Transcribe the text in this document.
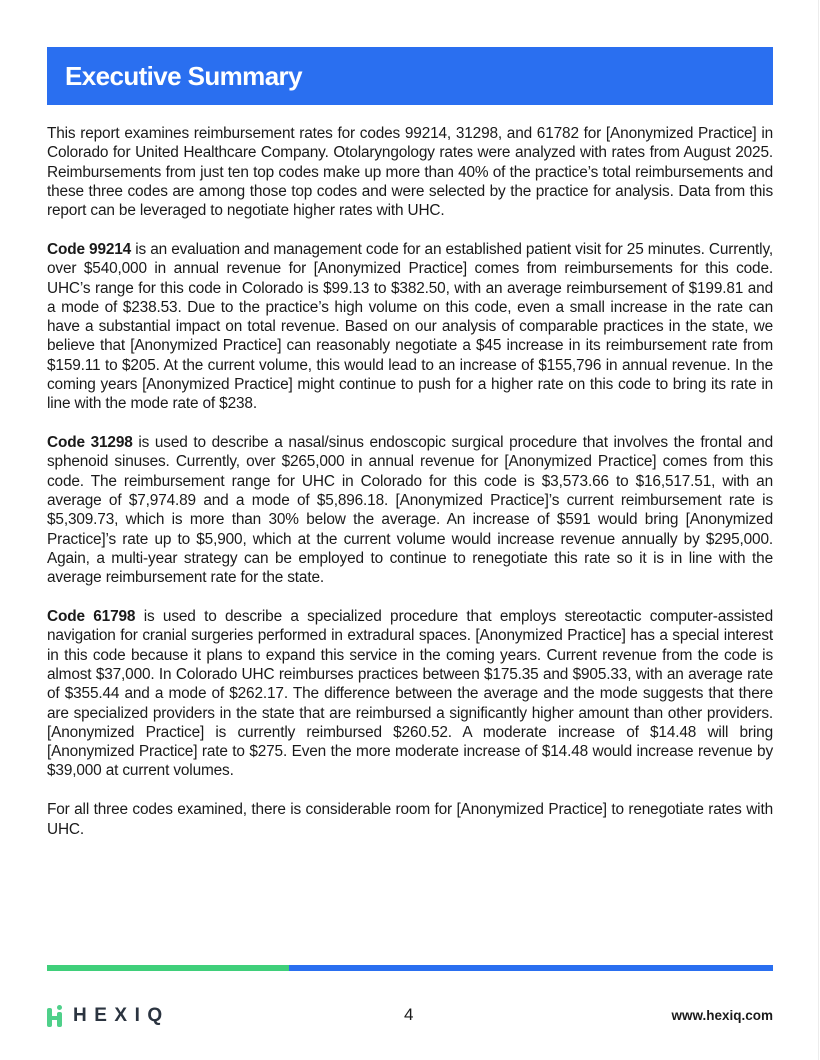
Executive Summary

This report examines reimbursement rates for codes 99214, 31298, and 61782 for [Anonymized Practice] in Colorado for United Healthcare Company. Otolaryngology rates were analyzed with rates from August 2025. Reimbursements from just ten top codes make up more than 40% of the practice’s total reimbursements and these three codes are among those top codes and were selected by the practice for analysis. Data from this report can be leveraged to negotiate higher rates with UHC.

Code 99214 is an evaluation and management code for an established patient visit for 25 minutes. Currently, over $540,000 in annual revenue for [Anonymized Practice] comes from reimbursements for this code. UHC’s range for this code in Colorado is $99.13 to $382.50, with an average reimbursement of $199.81 and a mode of $238.53. Due to the practice’s high volume on this code, even a small increase in the rate can have a substantial impact on total revenue. Based on our analysis of comparable practices in the state, we believe that [Anonymized Practice] can reasonably negotiate a $45 increase in its reimbursement rate from $159.11 to $205. At the current volume, this would lead to an increase of $155,796 in annual revenue. In the coming years [Anonymized Practice] might continue to push for a higher rate on this code to bring its rate in line with the mode rate of $238.

Code 31298 is used to describe a nasal/sinus endoscopic surgical procedure that involves the frontal and sphenoid sinuses. Currently, over $265,000 in annual revenue for [Anonymized Practice] comes from this code. The reimbursement range for UHC in Colorado for this code is $3,573.66 to $16,517.51, with an average of $7,974.89 and a mode of $5,896.18. [Anonymized Practice]’s current reimbursement rate is $5,309.73, which is more than 30% below the average. An increase of $591 would bring [Anonymized Practice]’s rate up to $5,900, which at the current volume would increase revenue annually by $295,000. Again, a multi-year strategy can be employed to continue to renegotiate this rate so it is in line with the average reimbursement rate for the state.

Code 61798 is used to describe a specialized procedure that employs stereotactic computer-assisted navigation for cranial surgeries performed in extradural spaces. [Anonymized Practice] has a special interest in this code because it plans to expand this service in the coming years. Current revenue from the code is almost $37,000. In Colorado UHC reimburses practices between $175.35 and $905.33, with an average rate of $355.44 and a mode of $262.17. The difference between the average and the mode suggests that there are specialized providers in the state that are reimbursed a significantly higher amount than other providers. [Anonymized Practice] is currently reimbursed $260.52. A moderate increase of $14.48 will bring [Anonymized Practice] rate to $275. Even the more moderate increase of $14.48 would increase revenue by $39,000 at current volumes.

For all three codes examined, there is considerable room for [Anonymized Practice] to renegotiate rates with UHC.

HEXIQ	4	www.hexiq.com
